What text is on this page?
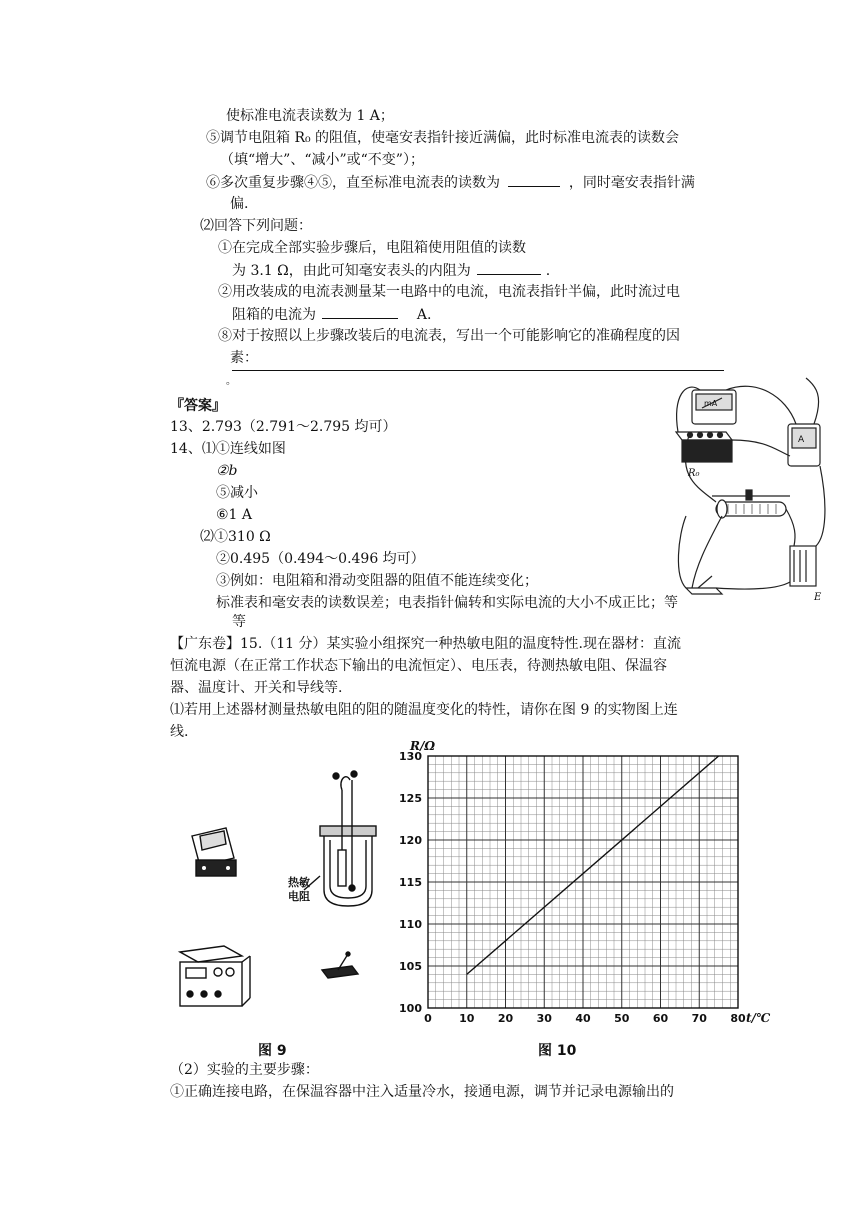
使标准电流表读数为 1 A；
⑤调节电阻箱 R₀ 的阻值，使毫安表指针接近满偏，此时标准电流表的读数会
（填“增大”、“减小”或“不变”）；
⑥多次重复步骤④⑤，直至标准电流表的读数为	，同时毫安表指针满
偏.
⑵回答下列问题：
①在完成全部实验步骤后，电阻箱使用阻值的读数
为 3.1 Ω，由此可知毫安表头的内阻为	.
②用改装成的电流表测量某一电路中的电流，电流表指针半偏，此时流过电
阻箱的电流为	A.
⑧对于按照以上步骤改装后的电流表，写出一个可能影响它的准确程度的因
素：
。
『答案』
13、2.793（2.791～2.795 均可）
14、⑴①连线如图
②b
⑤减小
⑥1 A
⑵①310 Ω
②0.495（0.494～0.496 均可）
③例如：电阻箱和滑动变阻器的阻值不能连续变化；
标准表和毫安表的读数误差；电表指针偏转和实际电流的大小不成正比；等
等
mA
A
R₀
E
【广东卷】15.（11 分）某实验小组探究一种热敏电阻的温度特性.现在器材：直流
恒流电源（在正常工作状态下输出的电流恒定）、电压表，待测热敏电阻、保温容
器、温度计、开关和导线等.
⑴若用上述器材测量热敏电阻的阻的随温度变化的特性，请你在图 9 的实物图上连
线.
热敏
电阻
100
105
110
115
120
125
130
0 10 20 30 40 50 60 70 80
R/Ω
t/℃
图 9	图 10
（2）实验的主要步骤：
①正确连接电路，在保温容器中注入适量冷水，接通电源，调节并记录电源输出的
